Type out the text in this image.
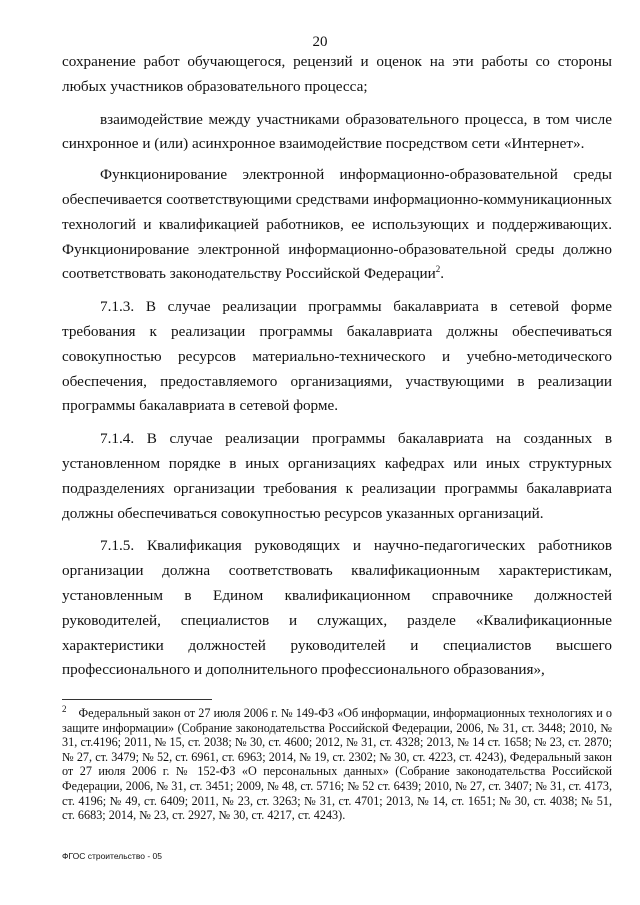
20

сохранение работ обучающегося, рецензий и оценок на эти работы со стороны любых участников образовательного процесса;

взаимодействие между участниками образовательного процесса, в том числе синхронное и (или) асинхронное взаимодействие посредством сети «Интернет».

Функционирование электронной информационно-образовательной среды обеспечивается соответствующими средствами информационно-коммуникационных технологий и квалификацией работников, ее использующих и поддерживающих. Функционирование электронной информационно-образовательной среды должно соответствовать законодательству Российской Федерации$^2$.

7.1.3. В случае реализации программы бакалавриата в сетевой форме требования к реализации программы бакалавриата должны обеспечиваться совокупностью ресурсов материально-технического и учебно-методического обеспечения, предоставляемого организациями, участвующими в реализации программы бакалавриата в сетевой форме.

7.1.4. В случае реализации программы бакалавриата на созданных в установленном порядке в иных организациях кафедрах или иных структурных подразделениях организации требования к реализации программы бакалавриата должны обеспечиваться совокупностью ресурсов указанных организаций.

7.1.5. Квалификация руководящих и научно-педагогических работников организации должна соответствовать квалификационным характеристикам, установленным в Едином квалификационном справочнике должностей руководителей, специалистов и служащих, разделе «Квалификационные характеристики должностей руководителей и специалистов высшего профессионального и дополнительного профессионального образования»,

$^2$ Федеральный закон от 27 июля 2006 г. № 149-ФЗ «Об информации, информационных технологиях и о защите информации» (Собрание законодательства Российской Федерации, 2006, № 31, ст. 3448; 2010, № 31, ст.4196; 2011, № 15, ст. 2038; № 30, ст. 4600; 2012, № 31, ст. 4328; 2013, № 14 ст. 1658; № 23, ст. 2870; № 27, ст. 3479; № 52, ст. 6961, ст. 6963; 2014, № 19, ст. 2302; № 30, ст. 4223, ст. 4243), Федеральный закон от 27 июля 2006 г. № 152-ФЗ «О персональных данных» (Собрание законодательства Российской Федерации, 2006, № 31, ст. 3451; 2009, № 48, ст. 5716; № 52 ст. 6439; 2010, № 27, ст. 3407; № 31, ст. 4173, ст. 4196; № 49, ст. 6409; 2011, № 23, ст. 3263; № 31, ст. 4701; 2013, № 14, ст. 1651; № 30, ст. 4038; № 51, ст. 6683; 2014, № 23, ст. 2927, № 30, ст. 4217, ст. 4243).
ФГОС строительство - 05
